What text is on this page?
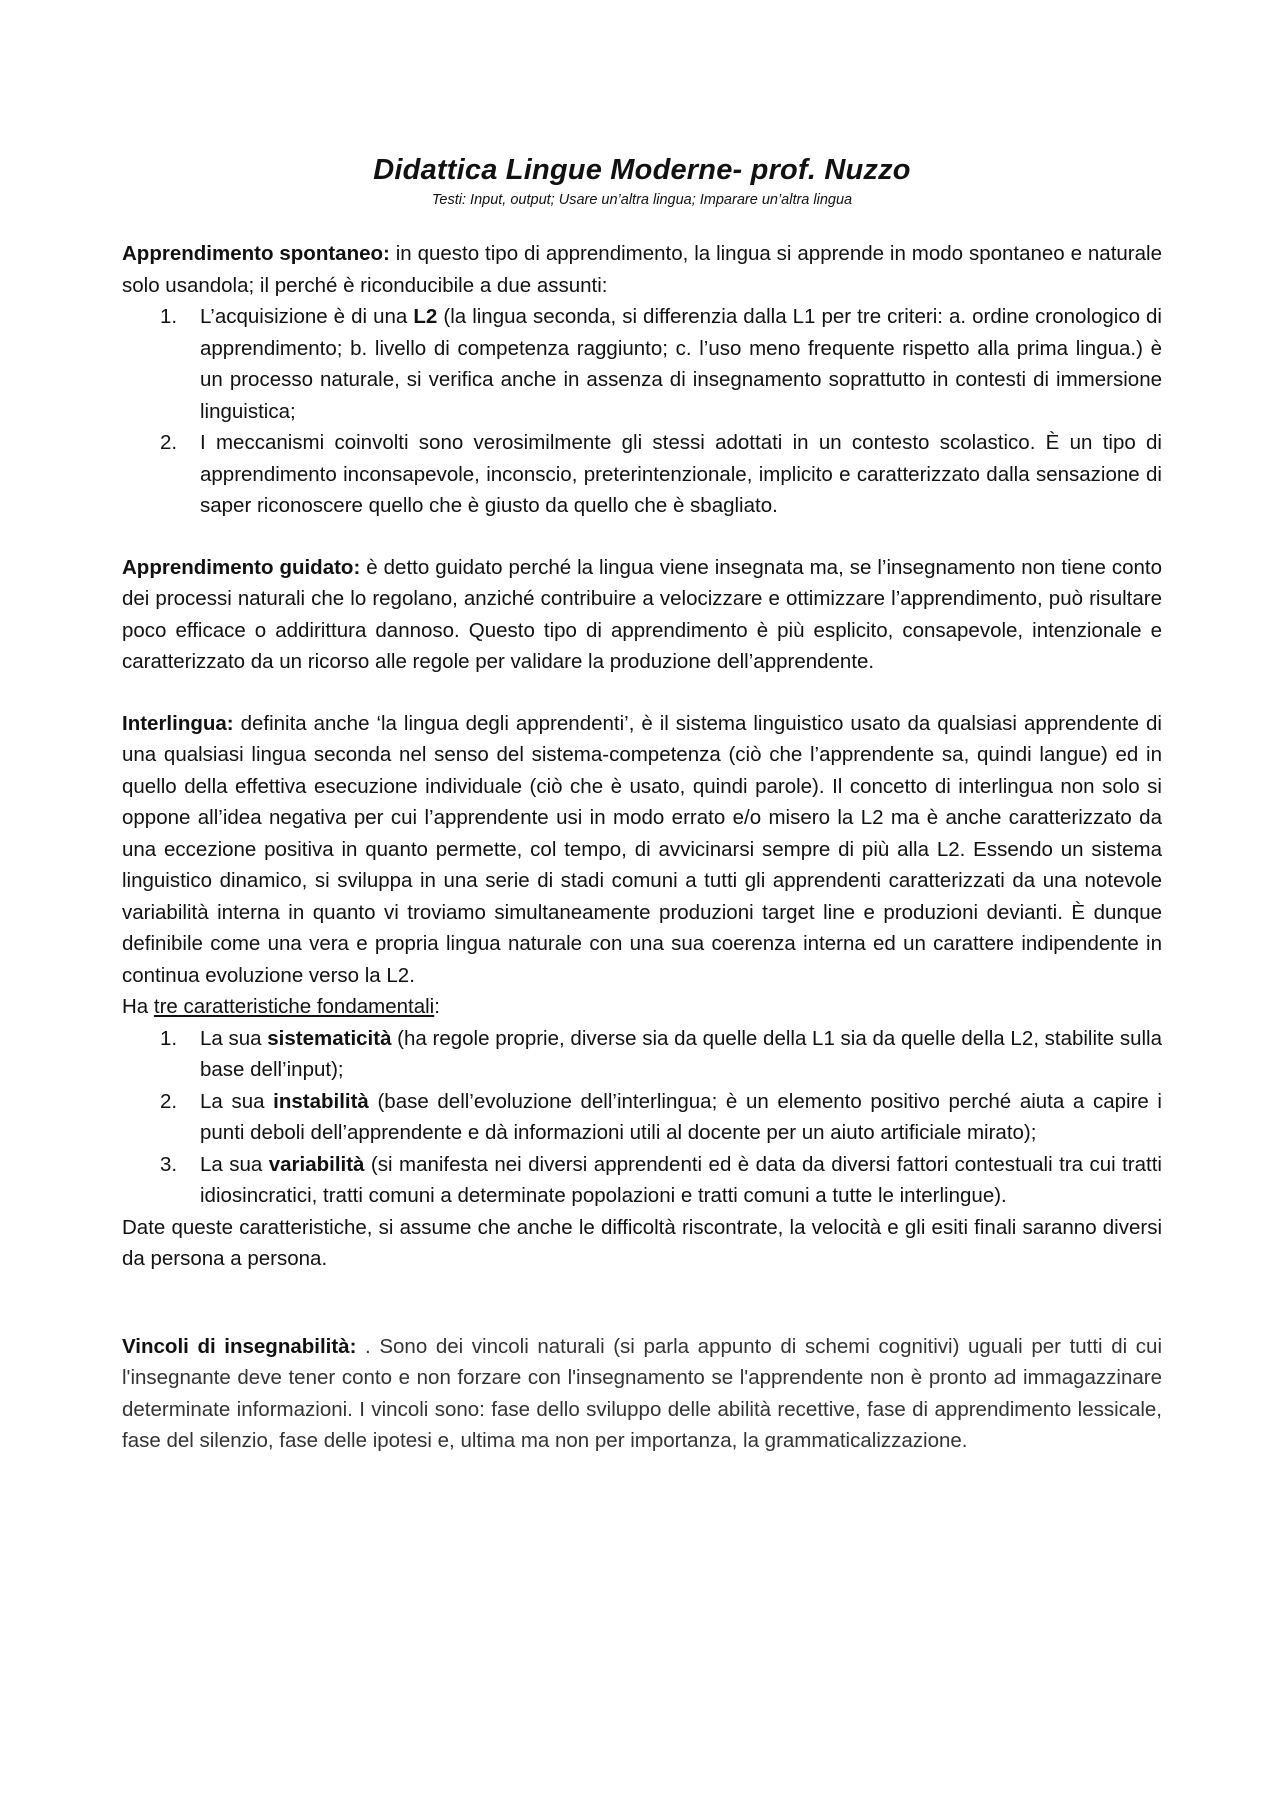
Didattica Lingue Moderne- prof. Nuzzo

Testi: Input, output; Usare un’altra lingua; Imparare un’altra lingua

Apprendimento spontaneo: in questo tipo di apprendimento, la lingua si apprende in modo spontaneo e naturale solo usandola; il perché è riconducibile a due assunti:

1. L’acquisizione è di una L2 (la lingua seconda, si differenzia dalla L1 per tre criteri: a. ordine cronologico di apprendimento; b. livello di competenza raggiunto; c. l’uso meno frequente rispetto alla prima lingua.) è un processo naturale, si verifica anche in assenza di insegnamento soprattutto in contesti di immersione linguistica;
2. I meccanismi coinvolti sono verosimilmente gli stessi adottati in un contesto scolastico. È un tipo di apprendimento inconsapevole, inconscio, preterintenzionale, implicito e caratterizzato dalla sensazione di saper riconoscere quello che è giusto da quello che è sbagliato.

Apprendimento guidato: è detto guidato perché la lingua viene insegnata ma, se l’insegnamento non tiene conto dei processi naturali che lo regolano, anziché contribuire a velocizzare e ottimizzare l’apprendimento, può risultare poco efficace o addirittura dannoso. Questo tipo di apprendimento è più esplicito, consapevole, intenzionale e caratterizzato da un ricorso alle regole per validare la produzione dell’apprendente.

Interlingua: definita anche ‘la lingua degli apprendenti’, è il sistema linguistico usato da qualsiasi apprendente di una qualsiasi lingua seconda nel senso del sistema-competenza (ciò che l’apprendente sa, quindi langue) ed in quello della effettiva esecuzione individuale (ciò che è usato, quindi parole). Il concetto di interlingua non solo si oppone all’idea negativa per cui l’apprendente usi in modo errato e/o misero la L2 ma è anche caratterizzato da una eccezione positiva in quanto permette, col tempo, di avvicinarsi sempre di più alla L2. Essendo un sistema linguistico dinamico, si sviluppa in una serie di stadi comuni a tutti gli apprendenti caratterizzati da una notevole variabilità interna in quanto vi troviamo simultaneamente produzioni target line e produzioni devianti. È dunque definibile come una vera e propria lingua naturale con una sua coerenza interna ed un carattere indipendente in continua evoluzione verso la L2.

Ha tre caratteristiche fondamentali:

1. La sua sistematicità (ha regole proprie, diverse sia da quelle della L1 sia da quelle della L2, stabilite sulla base dell’input);
2. La sua instabilità (base dell’evoluzione dell’interlingua; è un elemento positivo perché aiuta a capire i punti deboli dell’apprendente e dà informazioni utili al docente per un aiuto artificiale mirato);
3. La sua variabilità (si manifesta nei diversi apprendenti ed è data da diversi fattori contestuali tra cui tratti idiosincratici, tratti comuni a determinate popolazioni e tratti comuni a tutte le interlingue).

Date queste caratteristiche, si assume che anche le difficoltà riscontrate, la velocità e gli esiti finali saranno diversi da persona a persona.

Vincoli di insegnabilità: . Sono dei vincoli naturali (si parla appunto di schemi cognitivi) uguali per tutti di cui l'insegnante deve tener conto e non forzare con l'insegnamento se l'apprendente non è pronto ad immagazzinare determinate informazioni. I vincoli sono: fase dello sviluppo delle abilità recettive, fase di apprendimento lessicale, fase del silenzio, fase delle ipotesi e, ultima ma non per importanza, la grammaticalizzazione.
